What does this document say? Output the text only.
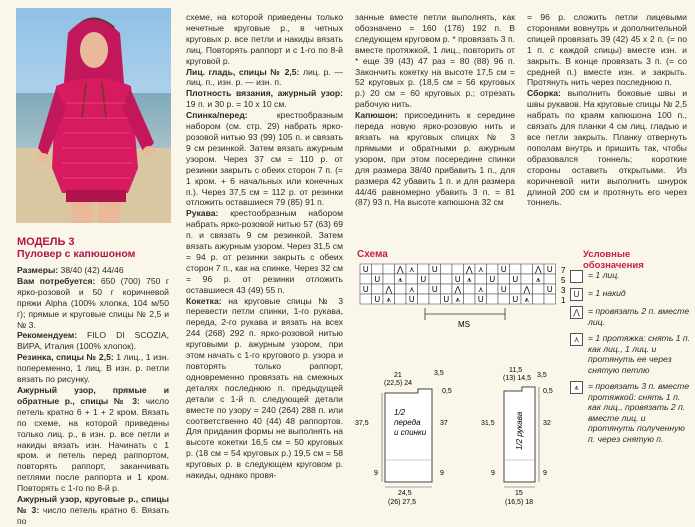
МОДЕЛЬ 3

Пуловер с капюшоном

Размеры: 38/40 (42) 44/46

Вам потребуется: 650 (700) 750 г ярко-розовой и 50 г коричневой пряжи Alpha (100% хлопка, 104 м/50 г); прямые и круговые спицы № 2,5 и № 3.

Рекомендуем: FILO DI SCOZIA, ВИРА, Италия (100% хлопок).

Резинка, спицы № 2,5: 1 лиц., 1 изн. попеременно, 1 лиц. В изн. р. петли вязать по рисунку.

Ажурный узор, прямые и обратные р., спицы № 3: число петель кратно 6 + 1 + 2 кром. Вязать по схеме, на которой приведены только лиц. р., в изн. р. все петли и накиды вязать изн. Начинать с 1 кром. и петель перед раппортом, повторять раппорт, заканчивать петлями после раппорта и 1 кром. Повторять с 1-го по 8-й р.

Ажурный узор, круговые р., спицы № 3: число петель кратно 6. Вязать по

схеме, на которой приведены только нечетные круговые р., в четных круговых р. все петли и накиды вязать лиц. Повторять раппорт и с 1-го по 8-й круговой р.

Лиц. гладь, спицы № 2,5: лиц. р. — лиц. п., изн. р. — изн. п.

Плотность вязания, ажурный узор: 19 п. и 30 р. = 10 х 10 см.

Спинка/перед: крестообразным набором (см. стр. 29) набрать ярко-розовой нитью 93 (99) 105 п. и связать 9 см резинкой. Затем вязать ажурным узором. Через 37 см = 110 р. от резинки закрыть с обеих сторон 7 п. (= 1 кром. + 6 начальных или конечных п.). Через 37,5 см = 112 р. от резинки отложить оставшиеся 79 (85) 91 п.

Рукава: крестообразным набором набрать ярко-розовой нитью 57 (63) 69 п. и связать 9 см резинкой. Затем вязать ажурным узором. Через 31,5 см = 94 р. от резинки закрыть с обеих сторон 7 п., как на спинке. Через 32 см = 96 р. от резинки отложить оставшиеся 43 (49) 55 п.

Кокетка: на круговые спицы № 3 перевести петли спинки, 1-го рукава, переда, 2-го рукава и вязать на всех 244 (268) 292 п. ярко-розовой нитью круговыми р. ажурным узором, при этом начать с 1-го кругового р. узора и повторять только раппорт, одновременно провязать на смежных деталях последнюю п. предыдущей детали с 1-й п. следующей детали вместе по узору = 240 (264) 288 п. или соответственно 40 (44) 48 раппортов. Для придания формы не выполнять на высоте кокетки 16,5 см = 50 круговых р. (18 см = 54 круговых р.) 19,5 см = 58 круговых р. в следующем круговом р. накиды, однако провя-

занные вместе петли выполнять, как обозначено = 160 (176) 192 п. В следующем круговом р. * провязать 3 п. вместе протяжкой, 1 лиц., повторить от * еще 39 (43) 47 раз = 80 (88) 96 п. Закончить кокетку на высоте 17,5 см = 52 круговых р. (18,5 см = 56 круговых р.) 20 см = 60 круговых р.; отрезать рабочую нить.

Капюшон: присоединить к середине переда новую ярко-розовую нить и вязать на круговых спицах № 3 прямыми и обратными р. ажурным узором, при этом посередине спинки для размера 38/40 прибавить 1 п., для размера 42 убавить 1 п. и для размера 44/46 равномерно убавить 3 п. = 81 (87) 93 п. На высоте капюшона 32 см

= 96 р. сложить петли лицевыми сторонами вовнутрь и дополнительной спицей провязать 39 (42) 45 х 2 п. (= по 1 п. с каждой спицы) вместе изн. и закрыть. В конце провязать 3 п. (= со средней п.) вместе изн. и закрыть. Протянуть нить через последнюю п.

Сборка: выполнить боковые швы и швы рукавов. На круговые спицы № 2,5 набрать по краям капюшона 100 п., связать для планки 4 см лиц. гладью и все петли закрыть. Планку отвернуть пополам внутрь и пришить так, чтобы образовался тоннель; короткие стороны оставить открытыми. Из коричневой нити выполнить шнурок длиной 200 см и протянуть его через тоннель.

Схема	Условные
обозначения
U	⋀ ⋏ U	⋀ ⋏ U	⋀ U
U ⩚ U	U ⩚ U U ⩚
U ⋀ ⋏ U ⋀ ⋏ U ⋀ U
U ⩚ U	U ⩚ U	U ⩚
7
5
3
1
MS
= 1 лиц.
U	= 1 накид
⋀ = провязать 2 п. вместе лиц.
⋏ = 1 протяжка: снять 1 п. как лиц., 1 лиц. и протянуть ее через снятую петлю
⩚	= провязать 3 п. вместе протяжкой: снять 1 п. как лиц., провязать 2 п. вместе лиц. и протянуть полученную п. через снятую п.
1/2
переда
и спинки
21
(22,5) 24
3,5
37,5	37
0,5
9	9
24,5
(26) 27,5
1/2 рукава
11,5
(13) 14,5 3,5
32
31,5
0,5
9	9
15
(16,5) 18
